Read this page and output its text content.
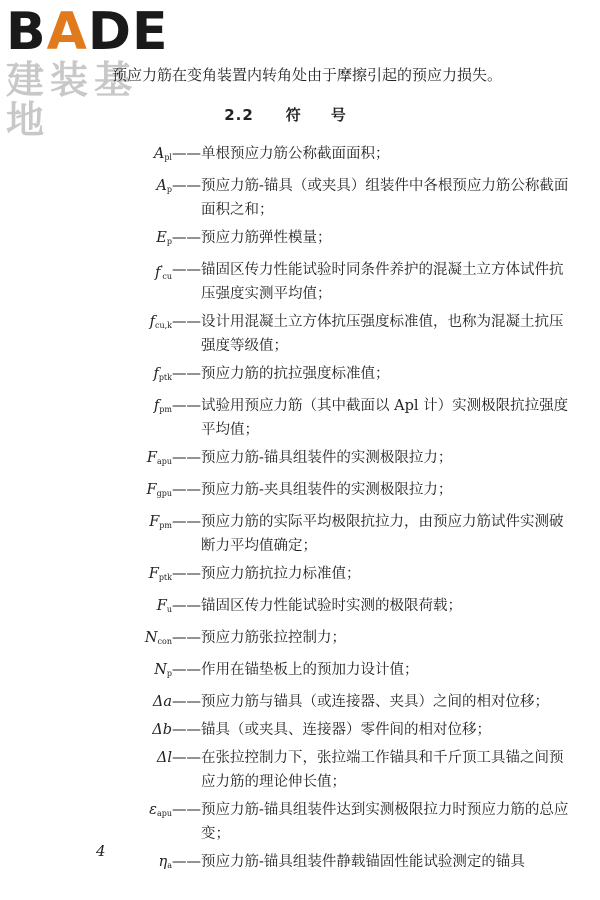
BADE
建装基地
预应力筋在变角装置内转角处由于摩擦引起的预应力损失。
2.2 符号
$A_{pl}$ —— 单根预应力筋公称截面面积；
$A_p$ —— 预应力筋-锚具（或夹具）组装件中各根预应力筋公称截面面积之和；
$E_p$ —— 预应力筋弹性模量；
$f'_{cu}$ —— 锚固区传力性能试验时同条件养护的混凝土立方体试件抗压强度实测平均值；
$f_{cu,k}$ —— 设计用混凝土立方体抗压强度标准值，也称为混凝土抗压强度等级值；
$f_{ptk}$ —— 预应力筋的抗拉强度标准值；
$f_{pm}$ —— 试验用预应力筋（其中截面以 Apl 计）实测极限抗拉强度平均值；
$F_{apu}$ —— 预应力筋-锚具组装件的实测极限拉力；
$F_{gpu}$ —— 预应力筋-夹具组装件的实测极限拉力；
$F_{pm}$ —— 预应力筋的实际平均极限抗拉力，由预应力筋试件实测破断力平均值确定；
$F_{ptk}$ —— 预应力筋抗拉力标准值；
$F_u$ —— 锚固区传力性能试验时实测的极限荷载；
$N_{con}$ —— 预应力筋张拉控制力；
$N_p$ —— 作用在锚垫板上的预加力设计值；
Δa —— 预应力筋与锚具（或连接器、夹具）之间的相对位移；
Δb —— 锚具（或夹具、连接器）零件间的相对位移；
Δl —— 在张拉控制力下，张拉端工作锚具和千斤顶工具锚之间预应力筋的理论伸长值；
$\varepsilon_{apu}$ —— 预应力筋-锚具组装件达到实测极限拉力时预应力筋的总应变；
$\eta_a$ —— 预应力筋-锚具组装件静载锚固性能试验测定的锚具
4
